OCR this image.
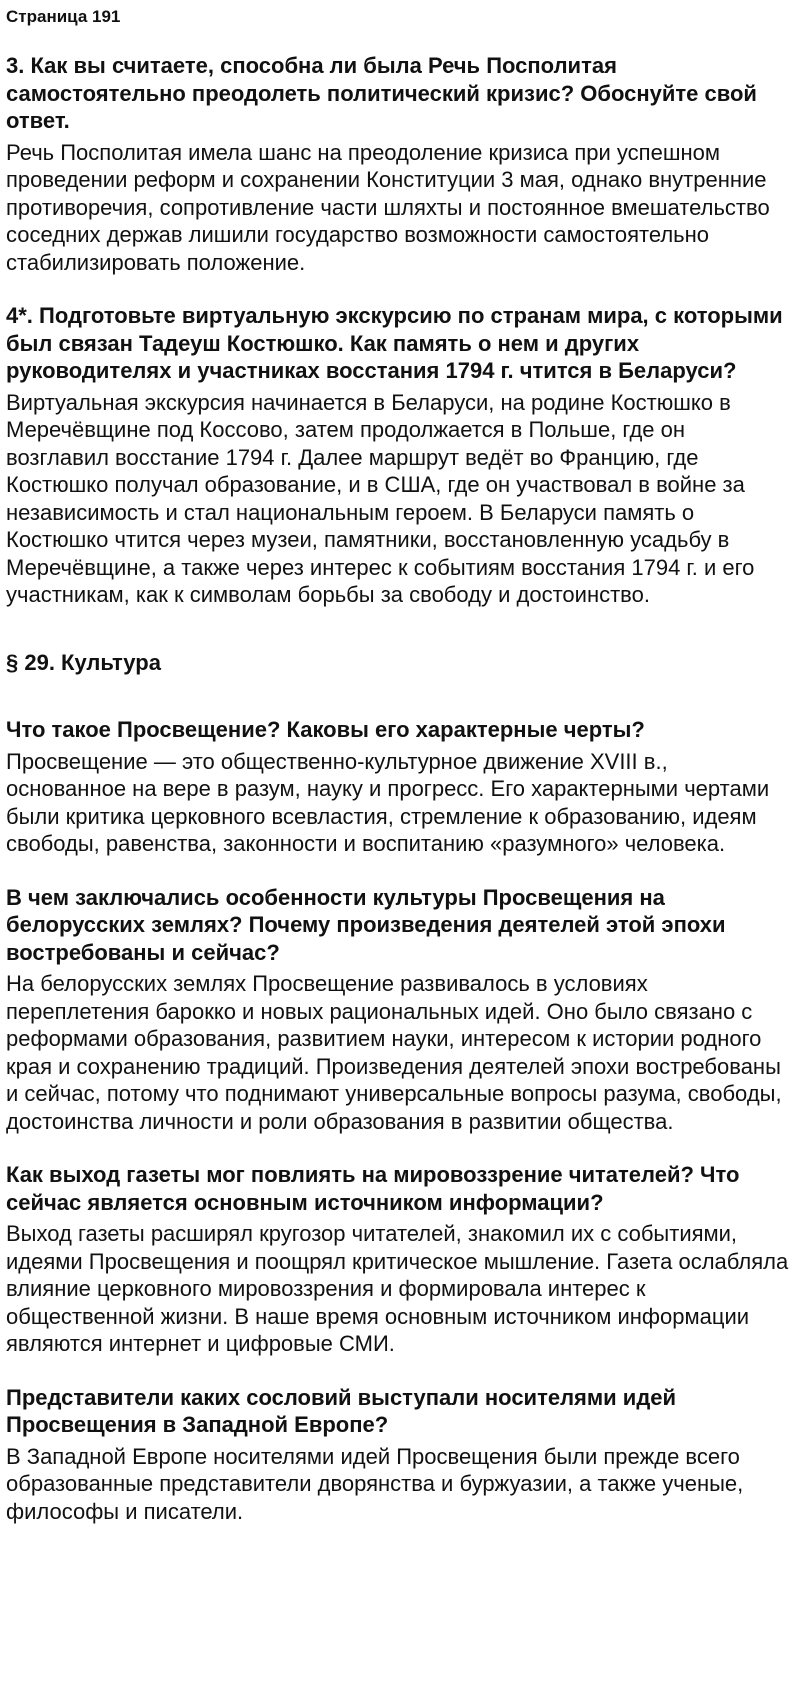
Страница 191

3. Как вы считаете, способна ли была Речь Посполитая самостоятельно преодолеть политический кризис? Обоснуйте свой ответ.

Речь Посполитая имела шанс на преодоление кризиса при успешном проведении реформ и сохранении Конституции 3 мая, однако внутренние противоречия, сопротивление части шляхты и постоянное вмешательство соседних держав лишили государство возможности самостоятельно стабилизировать положение.

4*. Подготовьте виртуальную экскурсию по странам мира, с которыми был связан Тадеуш Костюшко. Как память о нем и других руководителях и участниках восстания 1794 г. чтится в Беларуси?

Виртуальная экскурсия начинается в Беларуси, на родине Костюшко в Меречёвщине под Коссово, затем продолжается в Польше, где он возглавил восстание 1794 г. Далее маршрут ведёт во Францию, где Костюшко получал образование, и в США, где он участвовал в войне за независимость и стал национальным героем. В Беларуси память о Костюшко чтится через музеи, памятники, восстановленную усадьбу в Меречёвщине, а также через интерес к событиям восстания 1794 г. и его участникам, как к символам борьбы за свободу и достоинство.

§ 29. Культура

Что такое Просвещение? Каковы его характерные черты?

Просвещение — это общественно-культурное движение XVIII в., основанное на вере в разум, науку и прогресс. Его характерными чертами были критика церковного всевластия, стремление к образованию, идеям свободы, равенства, законности и воспитанию «разумного» человека.

В чем заключались особенности культуры Просвещения на белорусских землях? Почему произведения деятелей этой эпохи востребованы и сейчас?

На белорусских землях Просвещение развивалось в условиях переплетения барокко и новых рациональных идей. Оно было связано с реформами образования, развитием науки, интересом к истории родного края и сохранению традиций. Произведения деятелей эпохи востребованы и сейчас, потому что поднимают универсальные вопросы разума, свободы, достоинства личности и роли образования в развитии общества.

Как выход газеты мог повлиять на мировоззрение читателей? Что сейчас является основным источником информации?

Выход газеты расширял кругозор читателей, знакомил их с событиями, идеями Просвещения и поощрял критическое мышление. Газета ослабляла влияние церковного мировоззрения и формировала интерес к общественной жизни. В наше время основным источником информации являются интернет и цифровые СМИ.

Представители каких сословий выступали носителями идей Просвещения в Западной Европе?

В Западной Европе носителями идей Просвещения были прежде всего образованные представители дворянства и буржуазии, а также ученые, философы и писатели.
